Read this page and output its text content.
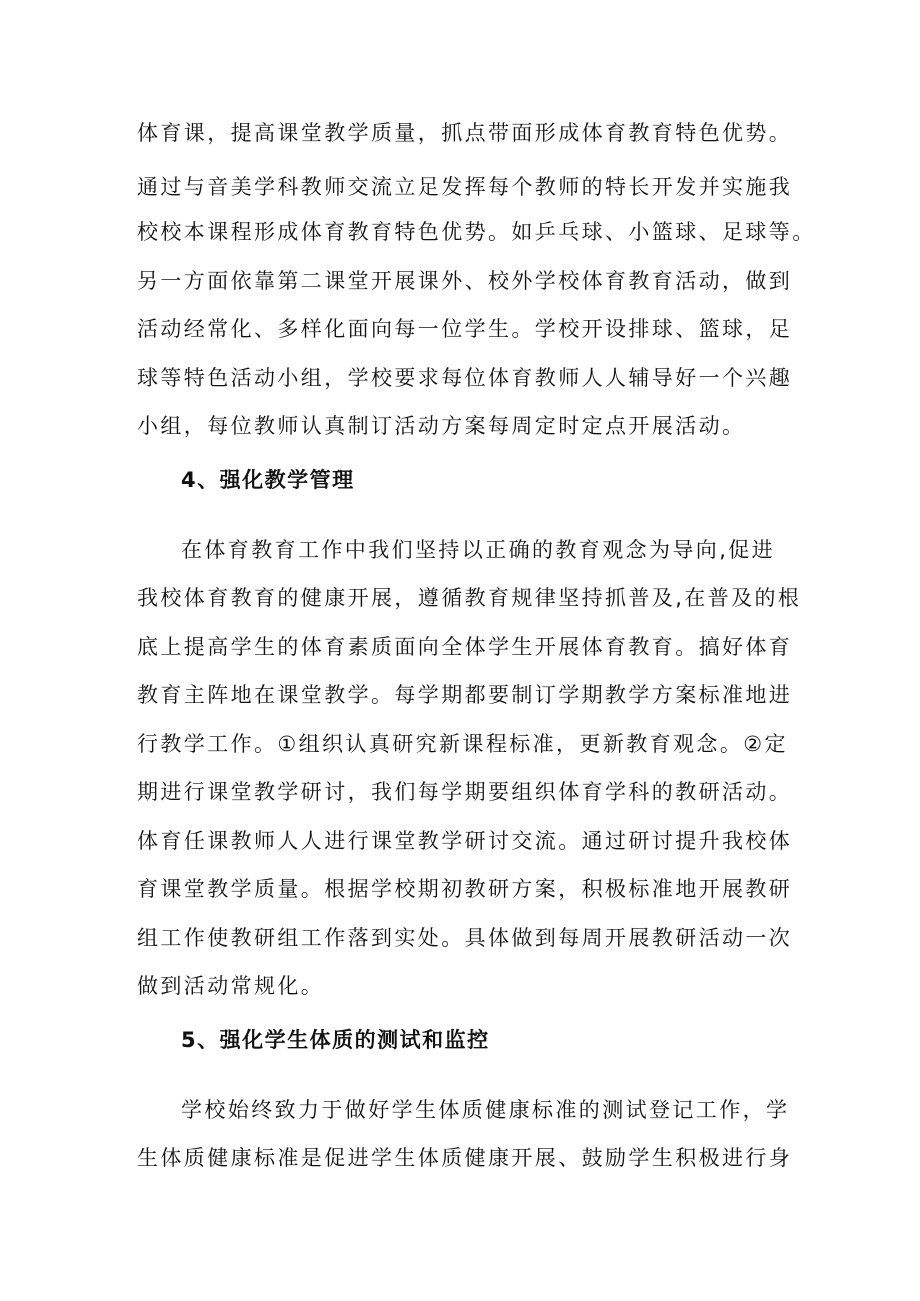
体育课，提高课堂教学质量，抓点带面形成体育教育特色优势。
通过与音美学科教师交流立足发挥每个教师的特长开发并实施我
校校本课程形成体育教育特色优势。如乒乓球、小篮球、足球等。
另一方面依靠第二课堂开展课外、校外学校体育教育活动，做到
活动经常化、多样化面向每一位学生。学校开设排球、篮球，足
球等特色活动小组，学校要求每位体育教师人人辅导好一个兴趣
小组，每位教师认真制订活动方案每周定时定点开展活动。
4、强化教学管理
在体育教育工作中我们坚持以正确的教育观念为导向,促进
我校体育教育的健康开展，遵循教育规律坚持抓普及,在普及的根
底上提高学生的体育素质面向全体学生开展体育教育。搞好体育
教育主阵地在课堂教学。每学期都要制订学期教学方案标准地进
行教学工作。①组织认真研究新课程标准，更新教育观念。②定
期进行课堂教学研讨，我们每学期要组织体育学科的教研活动。
体育任课教师人人进行课堂教学研讨交流。通过研讨提升我校体
育课堂教学质量。根据学校期初教研方案，积极标准地开展教研
组工作使教研组工作落到实处。具体做到每周开展教研活动一次
做到活动常规化。
5、强化学生体质的测试和监控
学校始终致力于做好学生体质健康标准的测试登记工作，学
生体质健康标准是促进学生体质健康开展、鼓励学生积极进行身
